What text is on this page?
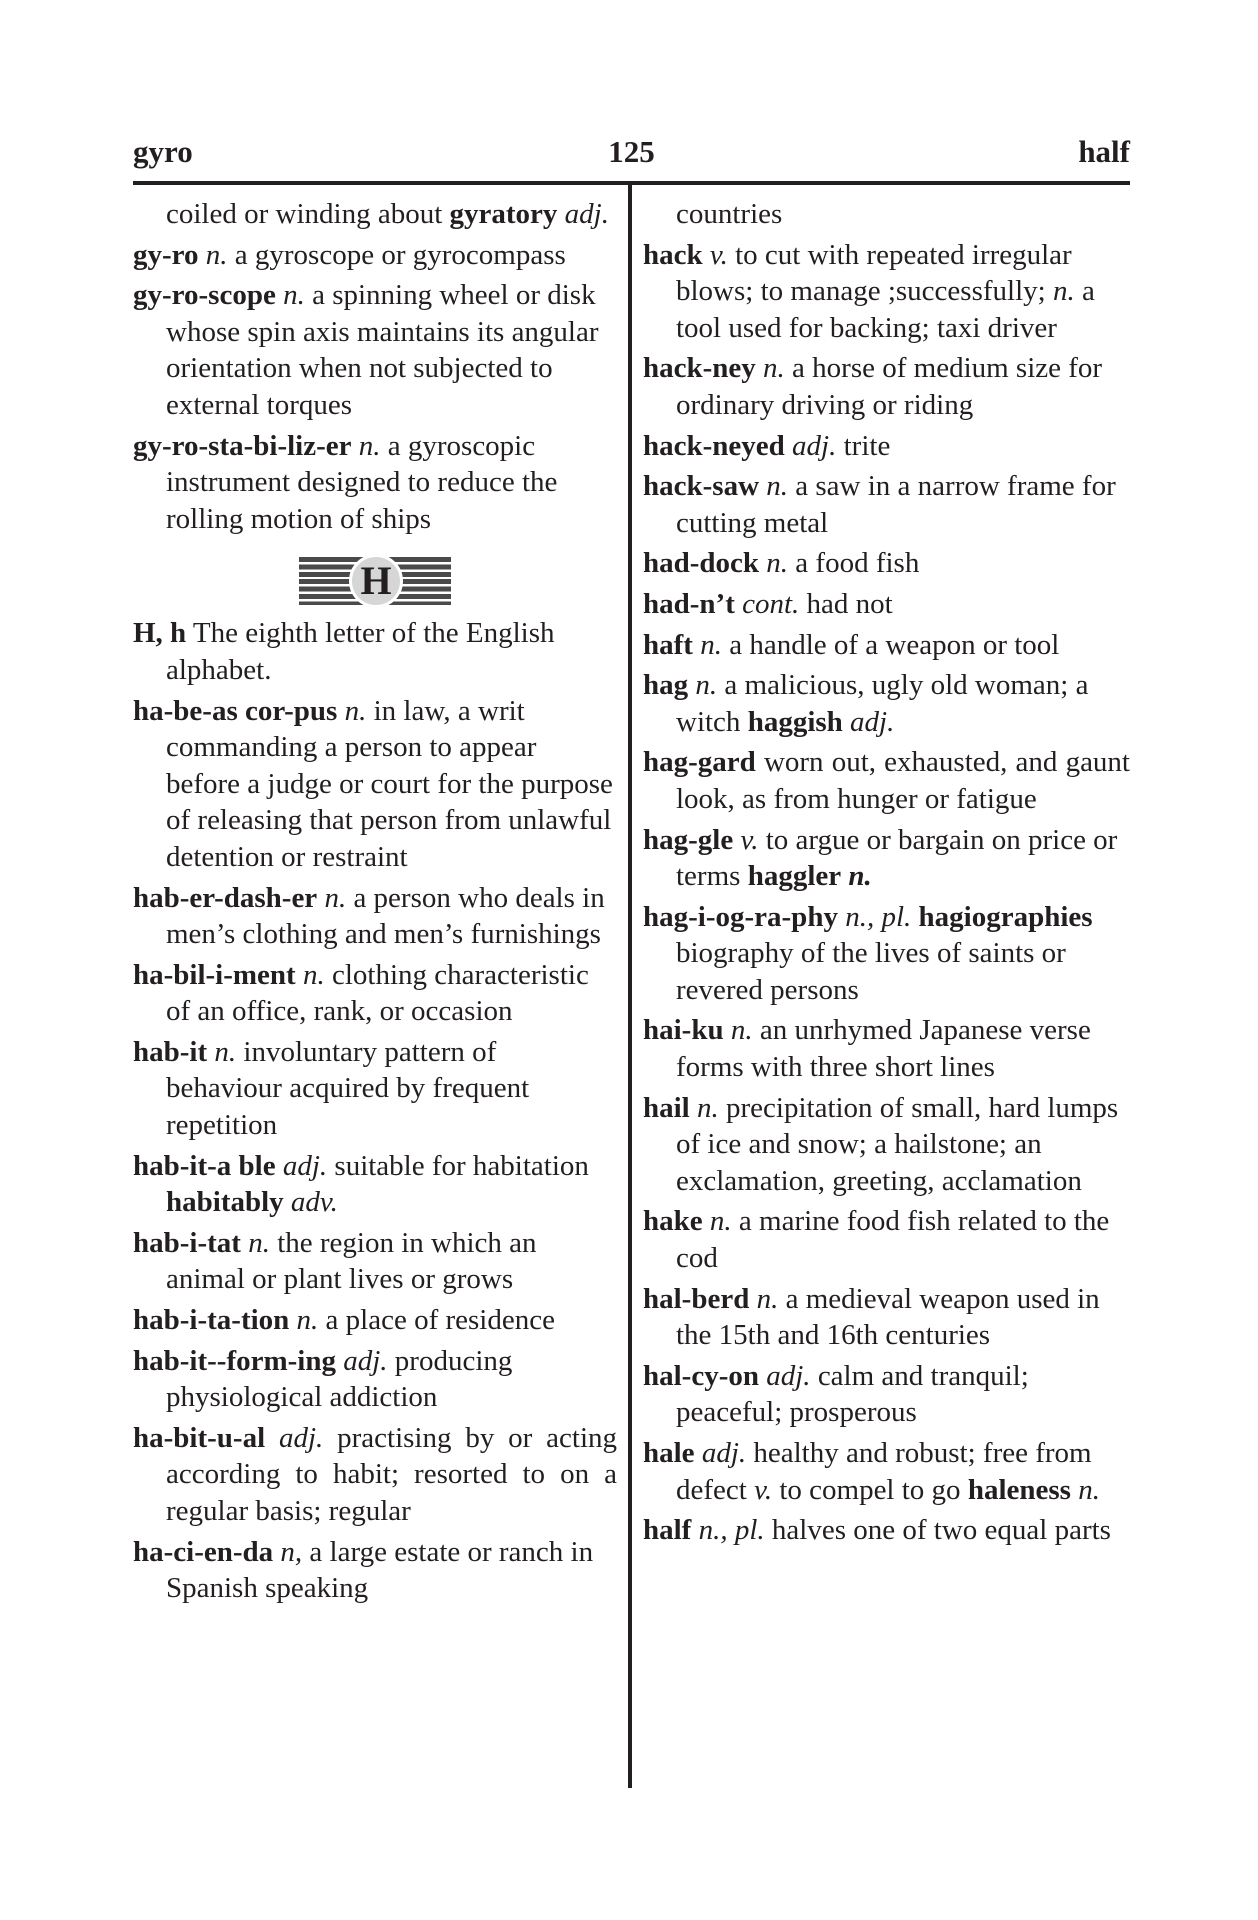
gyro	125	half
coiled or winding about gyratory adj.
gy-ro n. a gyroscope or gyrocompass
gy-ro-scope n. a spinning wheel or disk whose spin axis maintains its angular orientation when not subjected to external torques
gy-ro-sta-bi-liz-er n. a gyroscopic instrument designed to reduce the rolling motion of ships
H
H, h The eighth letter of the English alphabet.
ha-be-as cor-pus n. in law, a writ commanding a person to appear before a judge or court for the purpose of releasing that person from unlawful detention or restraint
hab-er-dash-er n. a person who deals in men’s clothing and men’s furnishings
ha-bil-i-ment n. clothing characteristic of an office, rank, or occasion
hab-it n. involuntary pattern of behaviour acquired by frequent repetition
hab-it-a ble adj. suitable for habitation habitably adv.
hab-i-tat n. the region in which an animal or plant lives or grows
hab-i-ta-tion n. a place of residence
hab-it--form-ing adj. producing physiological addiction
ha-bit-u-al adj. practising by or acting according to habit; resorted to on a regular basis; regular
ha-ci-en-da n, a large estate or ranch in Spanish speaking
countries
hack v. to cut with repeated irregular blows; to manage ;successfully; n. a tool used for backing; taxi driver
hack-ney n. a horse of medium size for ordinary driving or riding
hack-neyed adj. trite
hack-saw n. a saw in a narrow frame for cutting metal
had-dock n. a food fish
had-n’t cont. had not
haft n. a handle of a weapon or tool
hag n. a malicious, ugly old woman; a witch haggish adj.
hag-gard worn out, exhausted, and gaunt look, as from hunger or fatigue
hag-gle v. to argue or bargain on price or terms haggler n.
hag-i-og-ra-phy n., pl. hagiographies biography of the lives of saints or revered persons
hai-ku n. an unrhymed Japanese verse forms with three short lines
hail n. precipitation of small, hard lumps of ice and snow; a hailstone; an exclamation, greeting, acclamation
hake n. a marine food fish related to the cod
hal-berd n. a medieval weapon used in the 15th and 16th centuries
hal-cy-on adj. calm and tranquil; peaceful; prosperous
hale adj. healthy and robust; free from defect v. to compel to go haleness n.
half n., pl. halves one of two equal parts
